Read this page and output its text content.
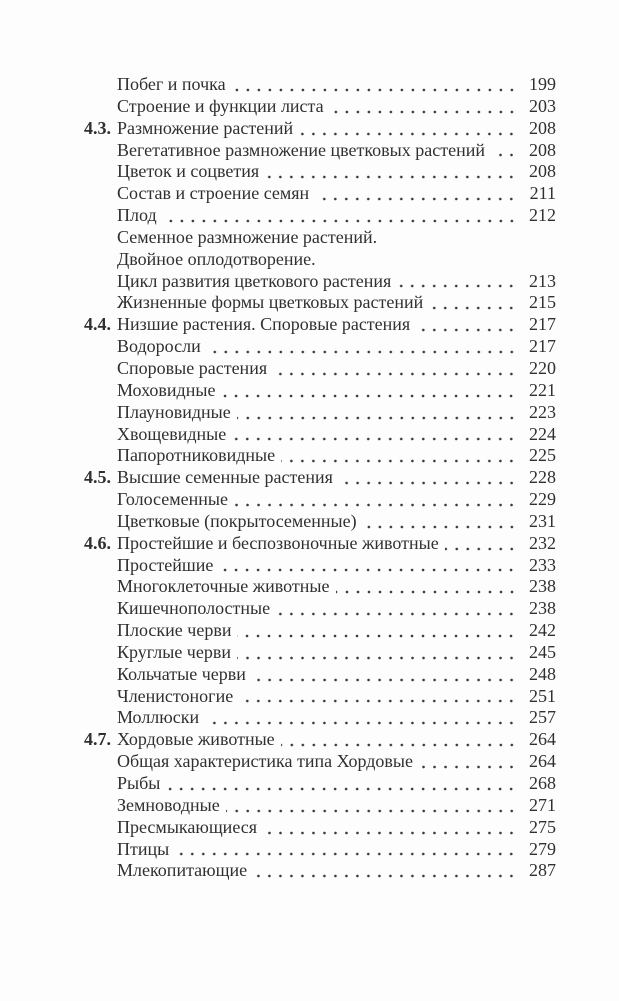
Побег и почка	199
Строение и функции листа	203
4.3. Размножение растений	208
Вегетативное размножение цветковых растений	208
Цветок и соцветия	208
Состав и строение семян	211
Плод	212
Семенное размножение растений.
Двойное оплодотворение.
Цикл развития цветкового растения	213
Жизненные формы цветковых растений	215
4.4. Низшие растения. Споровые растения	217
Водоросли	217
Споровые растения	220
Моховидные	221
Плауновидные	223
Хвощевидные	224
Папоротниковидные	225
4.5. Высшие семенные растения	228
Голосеменные	229
Цветковые (покрытосеменные)	231
4.6. Простейшие и беспозвоночные животные	232
Простейшие	233
Многоклеточные животные	238
Кишечнополостные	238
Плоские черви	242
Круглые черви	245
Кольчатые черви	248
Членистоногие	251
Моллюски	257
4.7. Хордовые животные	264
Общая характеристика типа Хордовые	264
Рыбы	268
Земноводные	271
Пресмыкающиеся	275
Птицы	279
Млекопитающие	287
